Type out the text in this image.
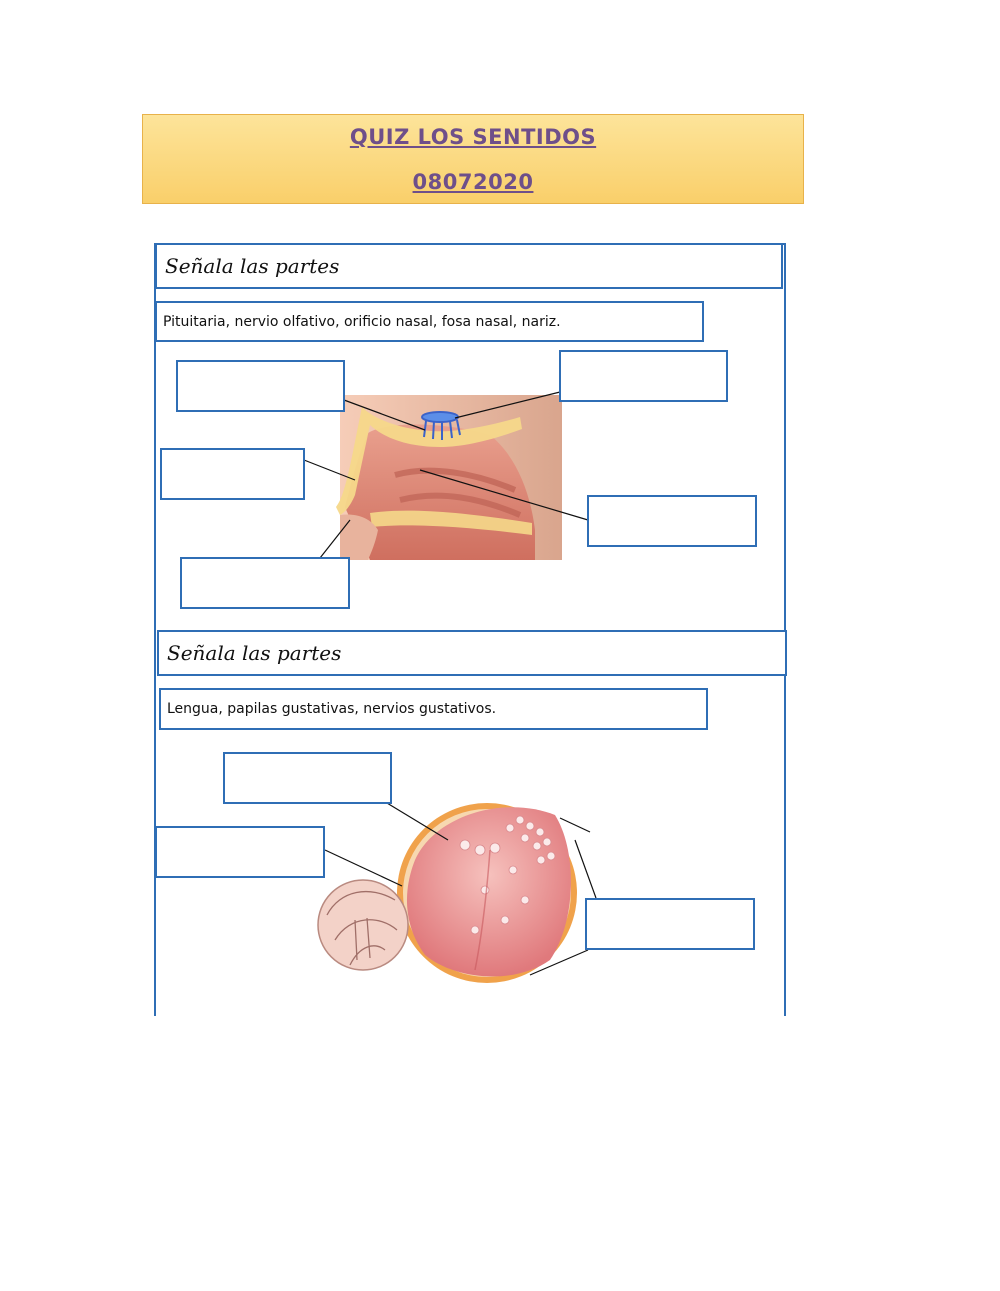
QUIZ LOS SENTIDOS
08072020
Señala las partes
Pituitaria, nervio olfativo, orificio nasal, fosa nasal, nariz.
Señala las partes
Lengua, papilas gustativas, nervios gustativos.
